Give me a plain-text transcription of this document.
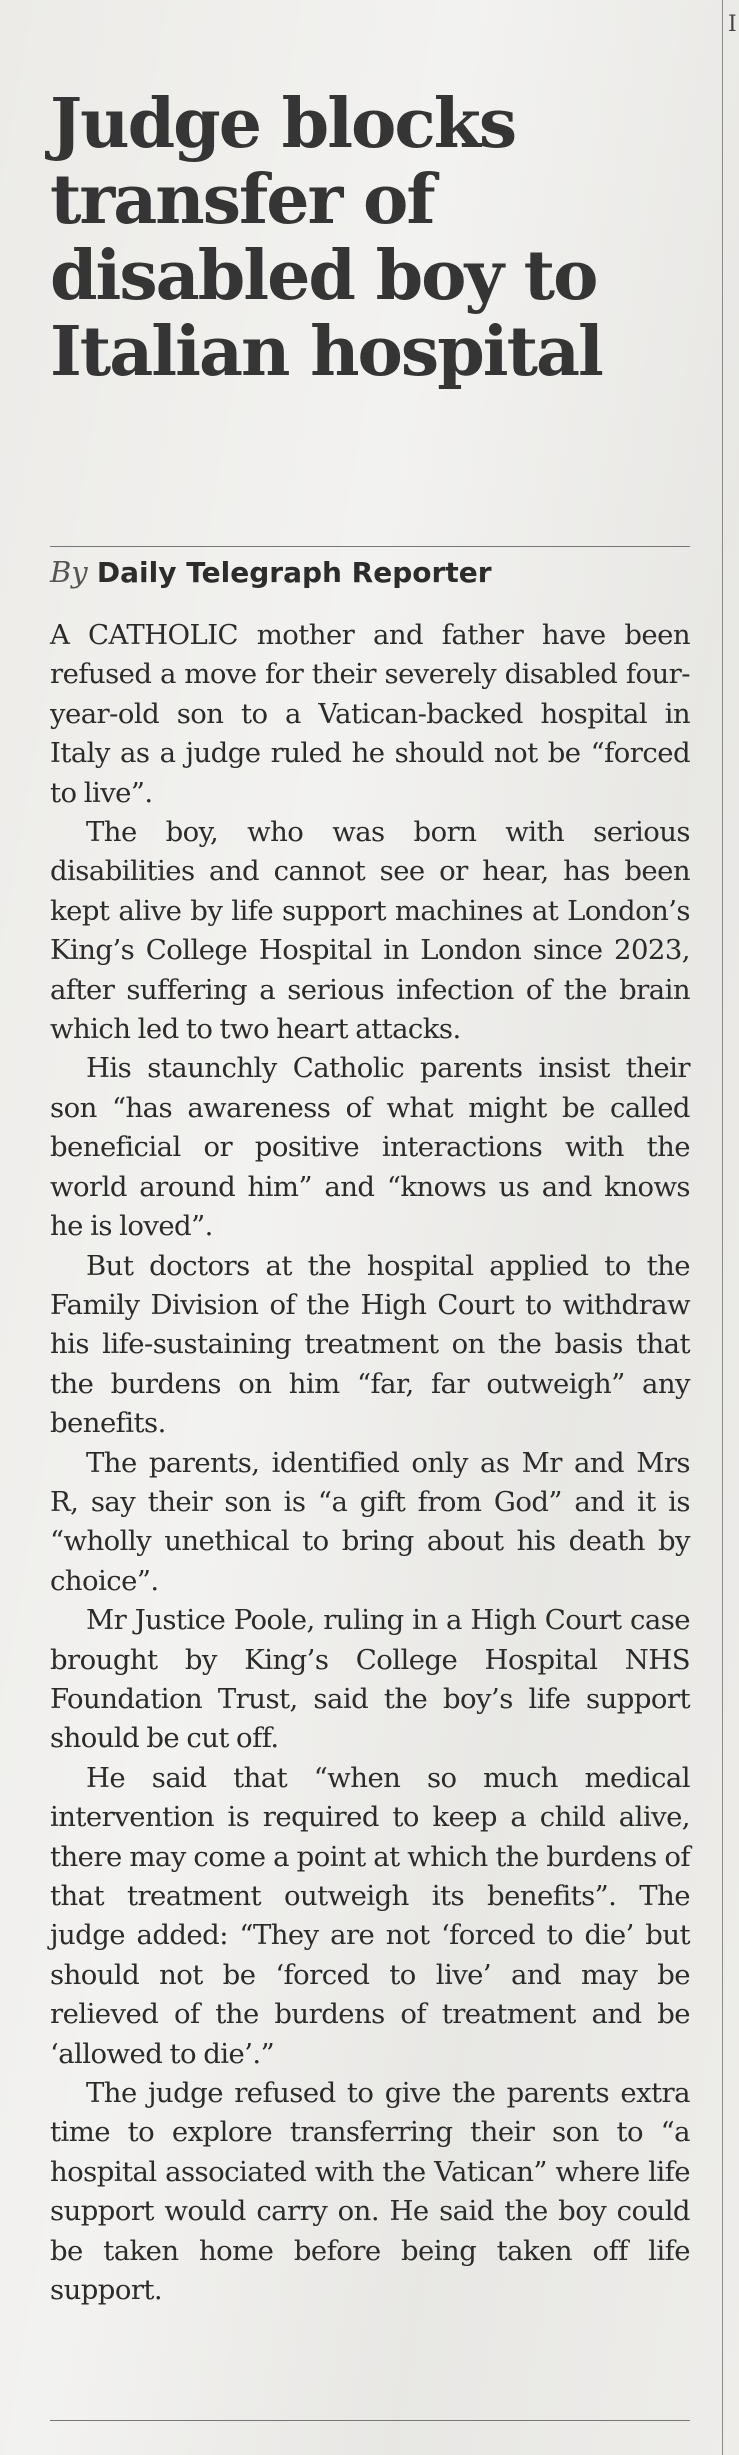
I
Judge blocks transfer of disabled boy to Italian hospital
By Daily Telegraph Reporter

A CATHOLIC mother and father have been refused a move for their severely disabled four-year-old son to a Vatican-backed hospital in Italy as a judge ruled he should not be “forced to live”.

The boy, who was born with serious disabilities and cannot see or hear, has been kept alive by life support machines at London’s King’s College Hospital in London since 2023, after suffering a serious infection of the brain which led to two heart attacks.

His staunchly Catholic parents insist their son “has awareness of what might be called beneficial or positive interactions with the world around him” and “knows us and knows he is loved”.

But doctors at the hospital applied to the Family Division of the High Court to withdraw his life-sustaining treatment on the basis that the burdens on him “far, far outweigh” any benefits.

The parents, identified only as Mr and Mrs R, say their son is “a gift from God” and it is “wholly unethical to bring about his death by choice”.

Mr Justice Poole, ruling in a High Court case brought by King’s College Hospital NHS Foundation Trust, said the boy’s life support should be cut off.

He said that “when so much medical intervention is required to keep a child alive, there may come a point at which the burdens of that treatment outweigh its benefits”. The judge added: “They are not ‘forced to die’ but should not be ‘forced to live’ and may be relieved of the burdens of treatment and be ‘allowed to die’.”

The judge refused to give the parents extra time to explore transferring their son to “a hospital associated with the Vatican” where life support would carry on. He said the boy could be taken home before being taken off life support.
